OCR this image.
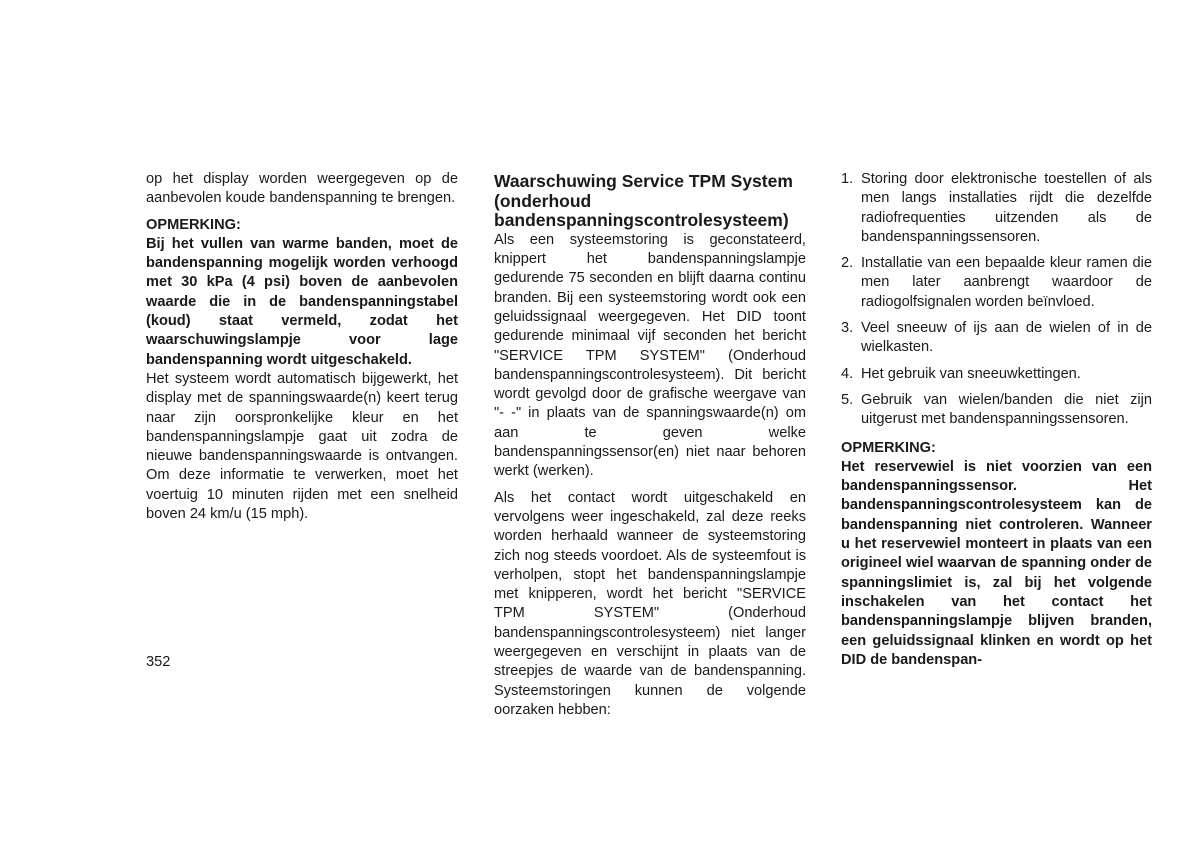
op het display worden weergegeven op de aanbevolen koude bandenspanning te brengen.

OPMERKING:

Bij het vullen van warme banden, moet de bandenspanning mogelijk worden verhoogd met 30 kPa (4 psi) boven de aanbevolen waarde die in de bandenspanningstabel (koud) staat vermeld, zodat het waarschuwingslampje voor lage bandenspanning wordt uitgeschakeld.

Het systeem wordt automatisch bijgewerkt, het display met de spanningswaarde(n) keert terug naar zijn oorspronkelijke kleur en het bandenspanningslampje gaat uit zodra de nieuwe bandenspanningswaarde is ontvangen. Om deze informatie te verwerken, moet het voertuig 10 minuten rijden met een snelheid boven 24 km/u (15 mph).

Waarschuwing Service TPM System (onderhoud bandenspanningscontrolesysteem)

Als een systeemstoring is geconstateerd, knippert het bandenspanningslampje gedurende 75 seconden en blijft daarna continu branden. Bij een systeemstoring wordt ook een geluidssignaal weergegeven. Het DID toont gedurende minimaal vijf seconden het bericht "SERVICE TPM SYSTEM" (Onderhoud bandenspanningscontrolesysteem). Dit bericht wordt gevolgd door de grafische weergave van "- -" in plaats van de spanningswaarde(n) om aan te geven welke bandenspanningssensor(en) niet naar behoren werkt (werken).

Als het contact wordt uitgeschakeld en vervolgens weer ingeschakeld, zal deze reeks worden herhaald wanneer de systeemstoring zich nog steeds voordoet. Als de systeemfout is verholpen, stopt het bandenspanningslampje met knipperen, wordt het bericht "SERVICE TPM SYSTEM" (Onderhoud bandenspanningscontrolesysteem) niet langer weergegeven en verschijnt in plaats van de streepjes de waarde van de bandenspanning. Systeemstoringen kunnen de volgende oorzaken hebben:

1. Storing door elektronische toestellen of als men langs installaties rijdt die dezelfde radiofrequenties uitzenden als de bandenspanningssensoren.
2. Installatie van een bepaalde kleur ramen die men later aanbrengt waardoor de radiogolfsignalen worden beïnvloed.
3. Veel sneeuw of ijs aan de wielen of in de wielkasten.
4. Het gebruik van sneeuwkettingen.
5. Gebruik van wielen/banden die niet zijn uitgerust met bandenspanningssensoren.

OPMERKING:

Het reservewiel is niet voorzien van een bandenspanningssensor. Het bandenspanningscontrolesysteem kan de bandenspanning niet controleren. Wanneer u het reservewiel monteert in plaats van een origineel wiel waarvan de spanning onder de spanningslimiet is, zal bij het volgende inschakelen van het contact het bandenspanningslampje blijven branden, een geluidssignaal klinken en wordt op het DID de bandenspan-

352
